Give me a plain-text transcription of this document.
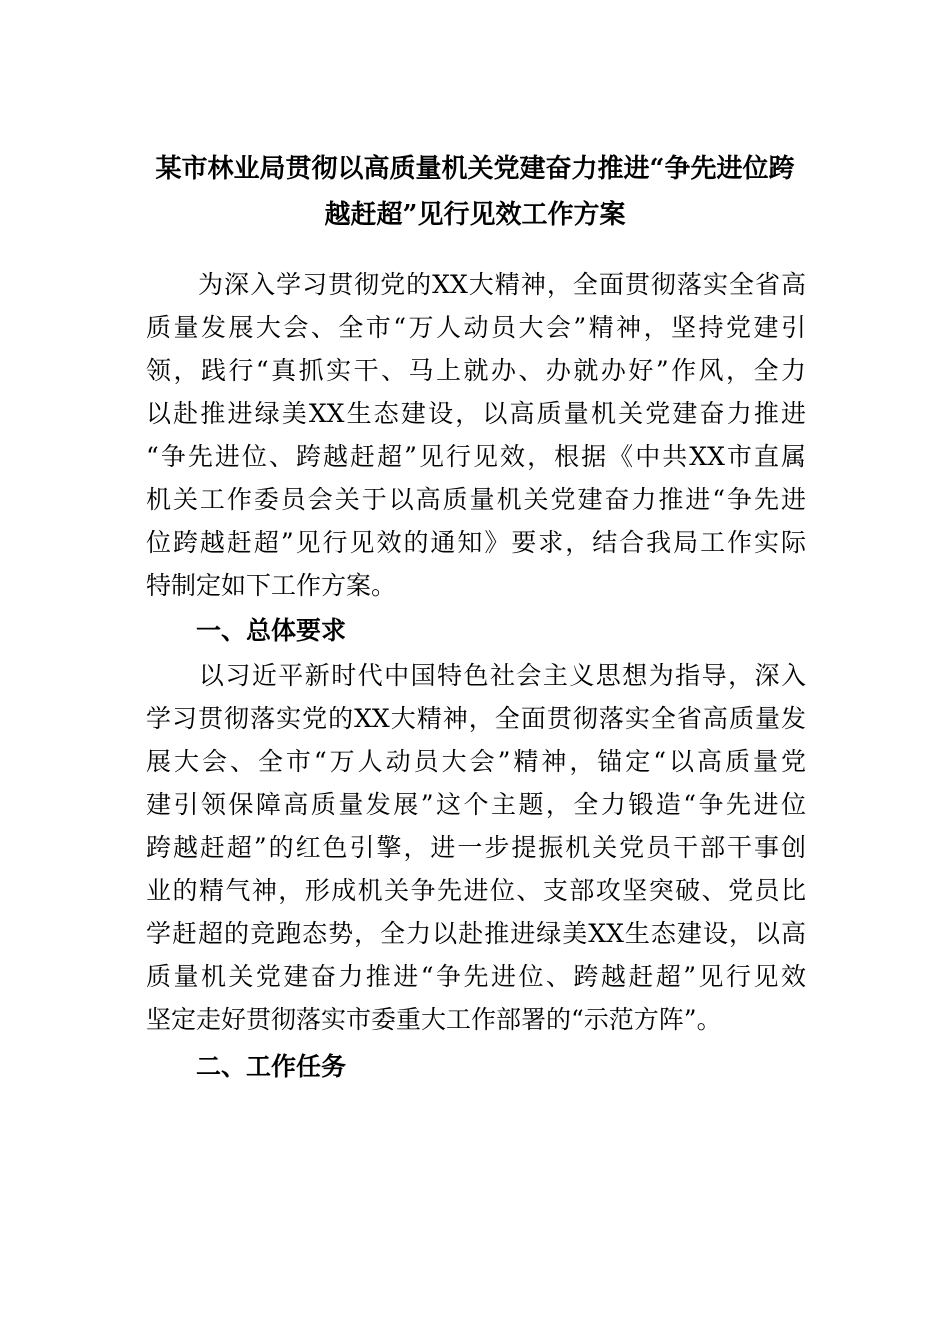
某市林业局贯彻以高质量机关党建奋力推进“争先进位跨
越赶超”见行见效工作方案
　　为深入学习贯彻党的XX大精神，全面贯彻落实全省高
质量发展大会、全市“万人动员大会”精神，坚持党建引
领，践行“真抓实干、马上就办、办就办好”作风，全力
以赴推进绿美XX生态建设，以高质量机关党建奋力推进
“争先进位、跨越赶超”见行见效，根据《中共XX市直属
机关工作委员会关于以高质量机关党建奋力推进“争先进
位跨越赶超”见行见效的通知》要求，结合我局工作实际
特制定如下工作方案。
一、总体要求
　　以习近平新时代中国特色社会主义思想为指导，深入
学习贯彻落实党的XX大精神，全面贯彻落实全省高质量发
展大会、全市“万人动员大会”精神，锚定“以高质量党
建引领保障高质量发展”这个主题，全力锻造“争先进位
跨越赶超”的红色引擎，进一步提振机关党员干部干事创
业的精气神，形成机关争先进位、支部攻坚突破、党员比
学赶超的竞跑态势，全力以赴推进绿美XX生态建设，以高
质量机关党建奋力推进“争先进位、跨越赶超”见行见效
坚定走好贯彻落实市委重大工作部署的“示范方阵”。
二、工作任务
